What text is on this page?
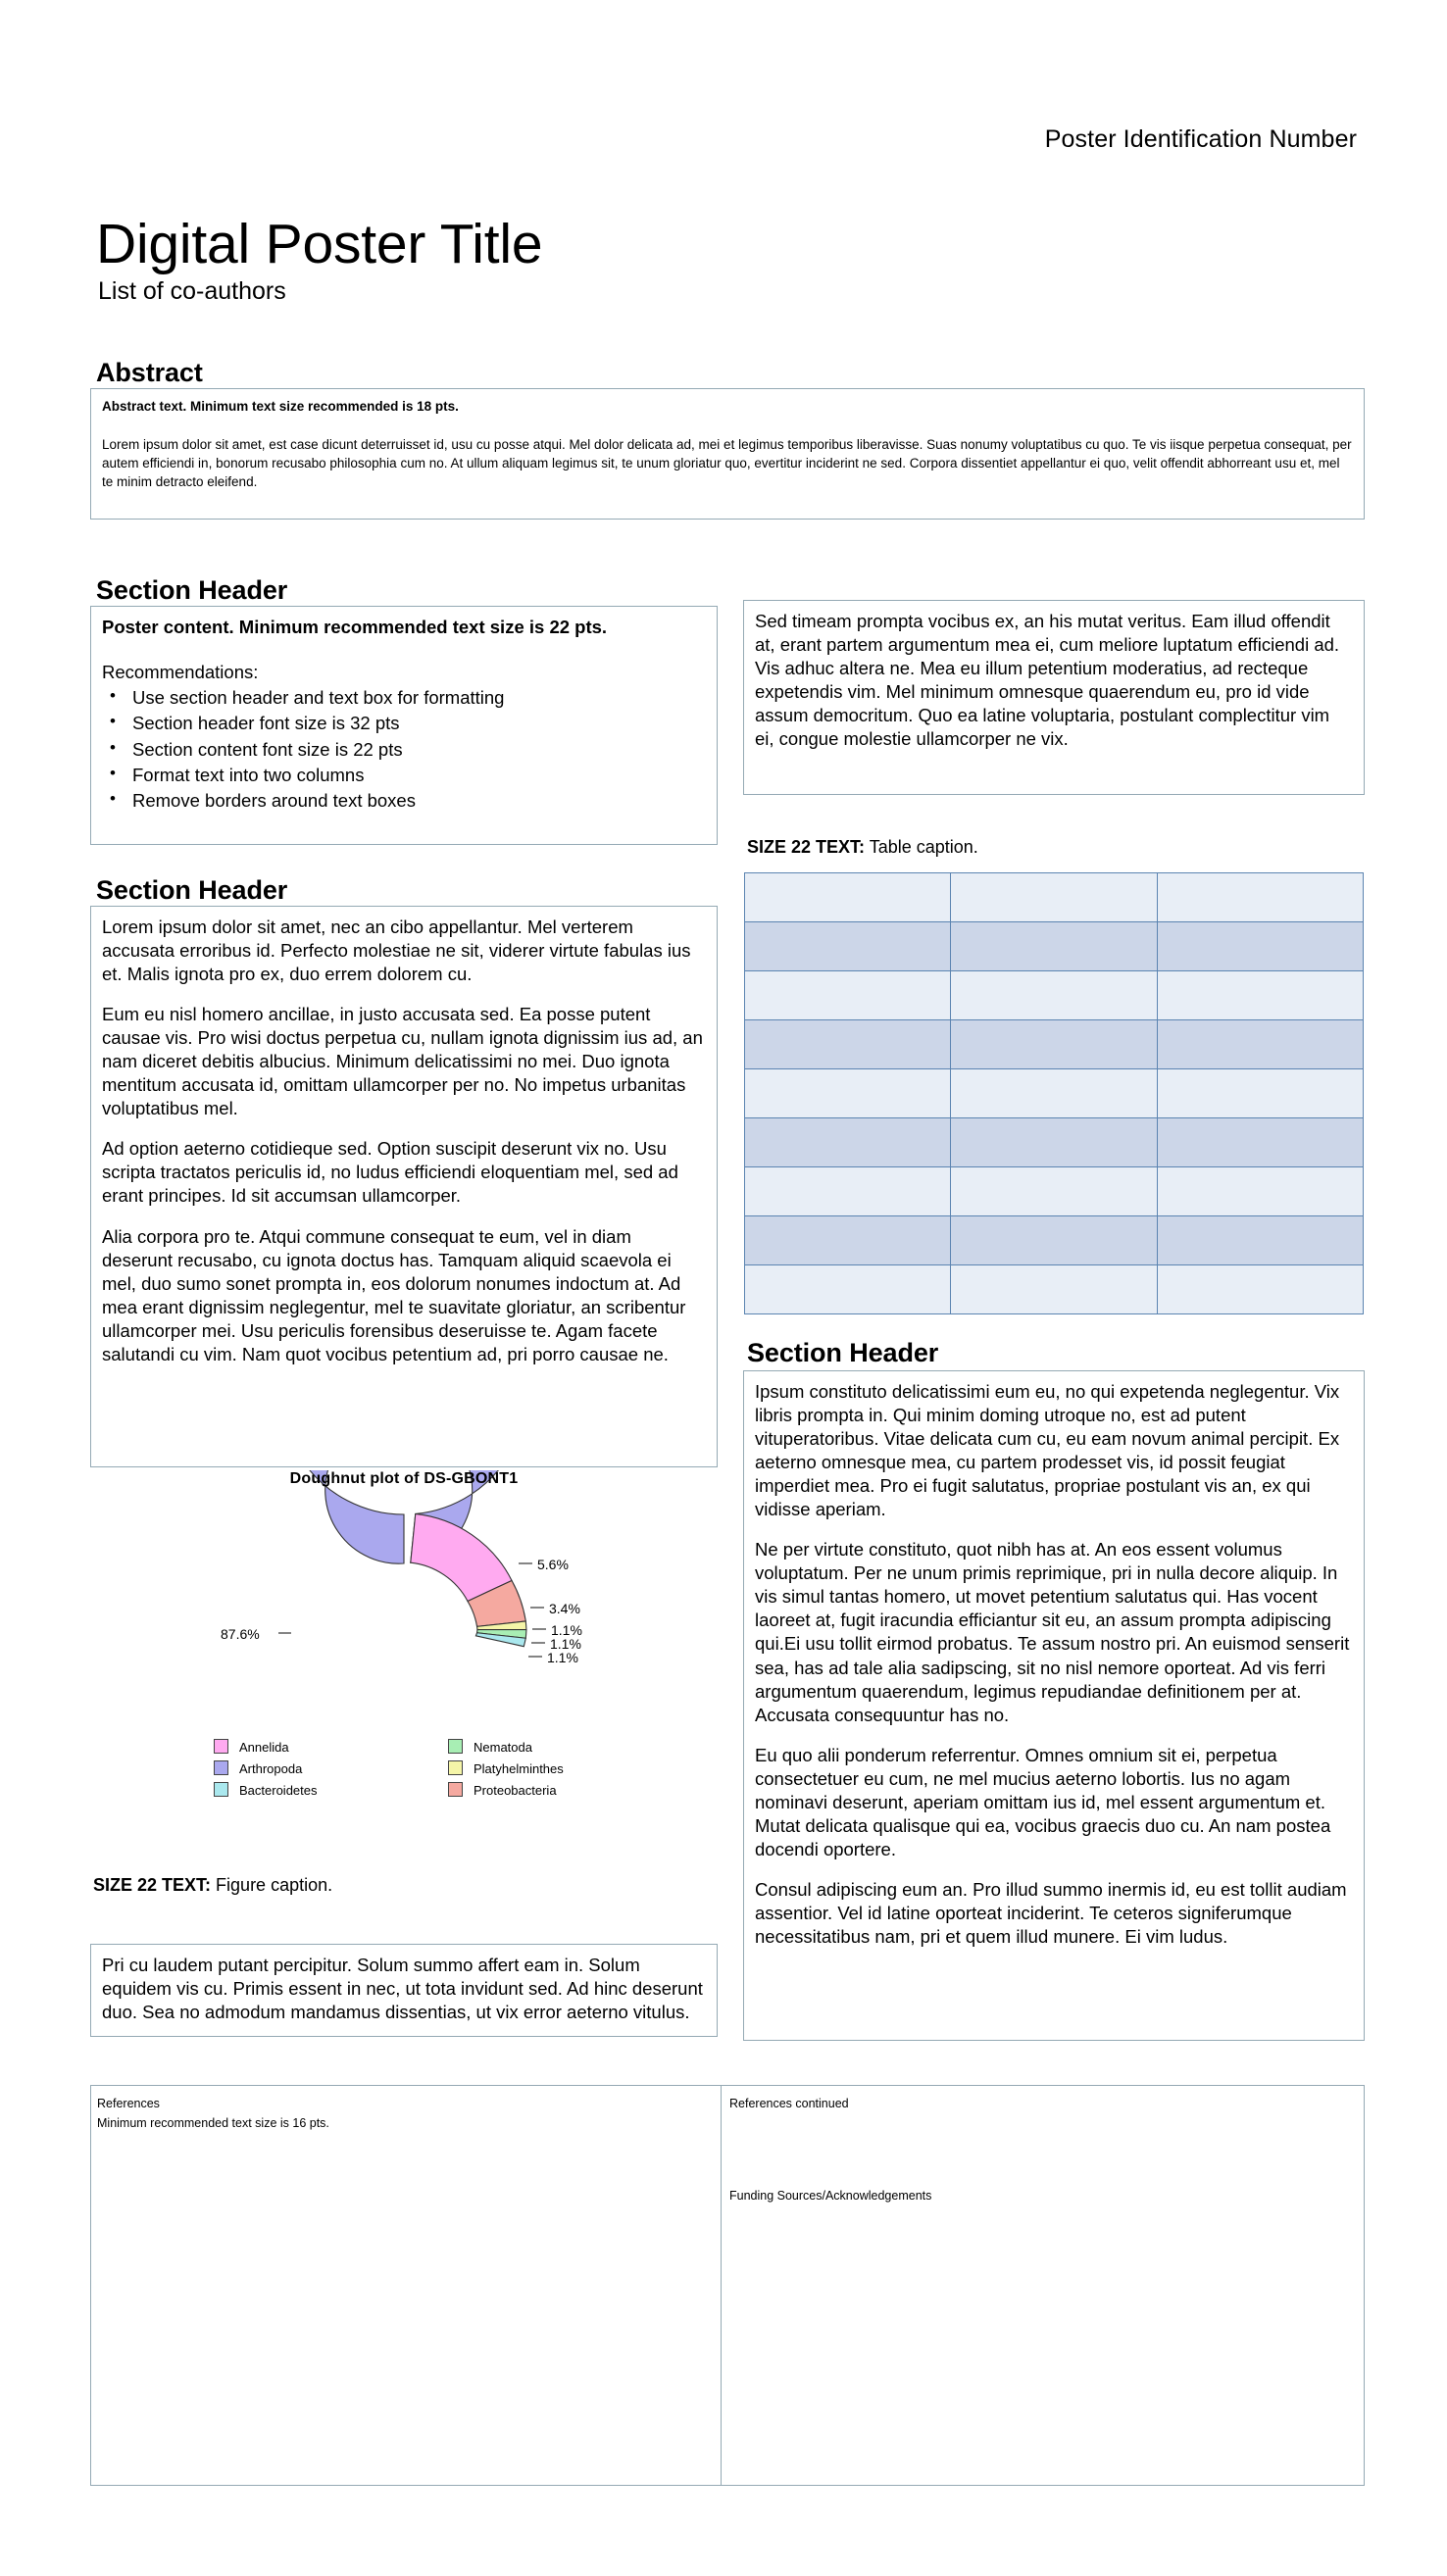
Poster Identification Number
Digital Poster Title
List of co-authors
Abstract

Abstract text. Minimum text size recommended is 18 pts.

Lorem ipsum dolor sit amet, est case dicunt deterruisset id, usu cu posse atqui. Mel dolor delicata ad, mei et legimus temporibus liberavisse. Suas nonumy voluptatibus cu quo. Te vis iisque perpetua consequat, per autem efficiendi in, bonorum recusabo philosophia cum no. At ullum aliquam legimus sit, te unum gloriatur quo, evertitur inciderint ne sed. Corpora dissentiet appellantur ei quo, velit offendit abhorreant usu et, mel te minim detracto eleifend.

Section Header

Poster content. Minimum recommended text size is 22 pts.

Recommendations:

• Use section header and text box for formatting
• Section header font size is 32 pts
• Section content font size is 22 pts
• Format text into two columns
• Remove borders around text boxes
Section Header

Lorem ipsum dolor sit amet, nec an cibo appellantur. Mel verterem accusata erroribus id. Perfecto molestiae ne sit, viderer virtute fabulas ius et. Malis ignota pro ex, duo errem dolorem cu.

Eum eu nisl homero ancillae, in justo accusata sed. Ea posse putent causae vis. Pro wisi doctus perpetua cu, nullam ignota dignissim ius ad, an nam diceret debitis albucius. Minimum delicatissimi no mei. Duo ignota mentitum accusata id, omittam ullamcorper per no. No impetus urbanitas voluptatibus mel.

Ad option aeterno cotidieque sed. Option suscipit deserunt vix no. Usu scripta tractatos periculis id, no ludus efficiendi eloquentiam mel, sed ad erant principes. Id sit accumsan ullamcorper.

Alia corpora pro te. Atqui commune consequat te eum, vel in diam deserunt recusabo, cu ignota doctus has. Tamquam aliquid scaevola ei mel, duo sumo sonet prompta in, eos dolorum nonumes indoctum at. Ad mea erant dignissim neglegentur, mel te suavitate gloriatur, an scribentur ullamcorper mei. Usu periculis forensibus deseruisse te. Agam facete salutandi cu vim. Nam quot vocibus petentium ad, pri porro causae ne.

Doughnut plot of DS-GBONT1
87.6%
5.6%
3.4%
1.1%
1.1%
1.1%
Annelida
Arthropoda
Bacteroidetes
Nematoda
Platyhelminthes
Proteobacteria
SIZE 22 TEXT: Figure caption.

Pri cu laudem putant percipitur. Solum summo affert eam in. Solum equidem vis cu. Primis essent in nec, ut tota invidunt sed. Ad hinc deserunt duo. Sea no admodum mandamus dissentias, ut vix error aeterno vitulus.

Sed timeam prompta vocibus ex, an his mutat veritus. Eam illud offendit at, erant partem argumentum mea ei, cum meliore luptatum efficiendi ad. Vis adhuc altera ne. Mea eu illum petentium moderatius, ad recteque expetendis vim. Mel minimum omnesque quaerendum eu, pro id vide assum democritum. Quo ea latine voluptaria, postulant complectitur vim ei, congue molestie ullamcorper ne vix.

SIZE 22 TEXT: Table caption.

Section Header

Ipsum constituto delicatissimi eum eu, no qui expetenda neglegentur. Vix libris prompta in. Qui minim doming utroque no, est ad putent vituperatoribus. Vitae delicata cum cu, eu eam novum animal percipit. Ex aeterno omnesque mea, cu partem prodesset vis, id possit feugiat imperdiet mea. Pro ei fugit salutatus, propriae postulant vis an, ex qui vidisse aperiam.

Ne per virtute constituto, quot nibh has at. An eos essent volumus voluptatum. Per ne unum primis reprimique, pri in nulla decore aliquip. In vis simul tantas homero, ut movet petentium salutatus qui. Has vocent laoreet at, fugit iracundia efficiantur sit eu, an assum prompta adipiscing qui.Ei usu tollit eirmod probatus. Te assum nostro pri. An euismod senserit sea, has ad tale alia sadipscing, sit no nisl nemore oporteat. Ad vis ferri argumentum quaerendum, legimus repudiandae definitionem per at. Accusata consequuntur has no.

Eu quo alii ponderum referrentur. Omnes omnium sit ei, perpetua consectetuer eu cum, ne mel mucius aeterno lobortis. Ius no agam nominavi deserunt, aperiam omittam ius id, mel essent argumentum et. Mutat delicata qualisque qui ea, vocibus graecis duo cu. An nam postea docendi oportere.

Consul adipiscing eum an. Pro illud summo inermis id, eu est tollit audiam assentior. Vel id latine oporteat inciderint. Te ceteros signiferumque necessitatibus nam, pri et quem illud munere. Ei vim ludus.

References
Minimum recommended text size is 16 pts.
References continued
Funding Sources/Acknowledgements
